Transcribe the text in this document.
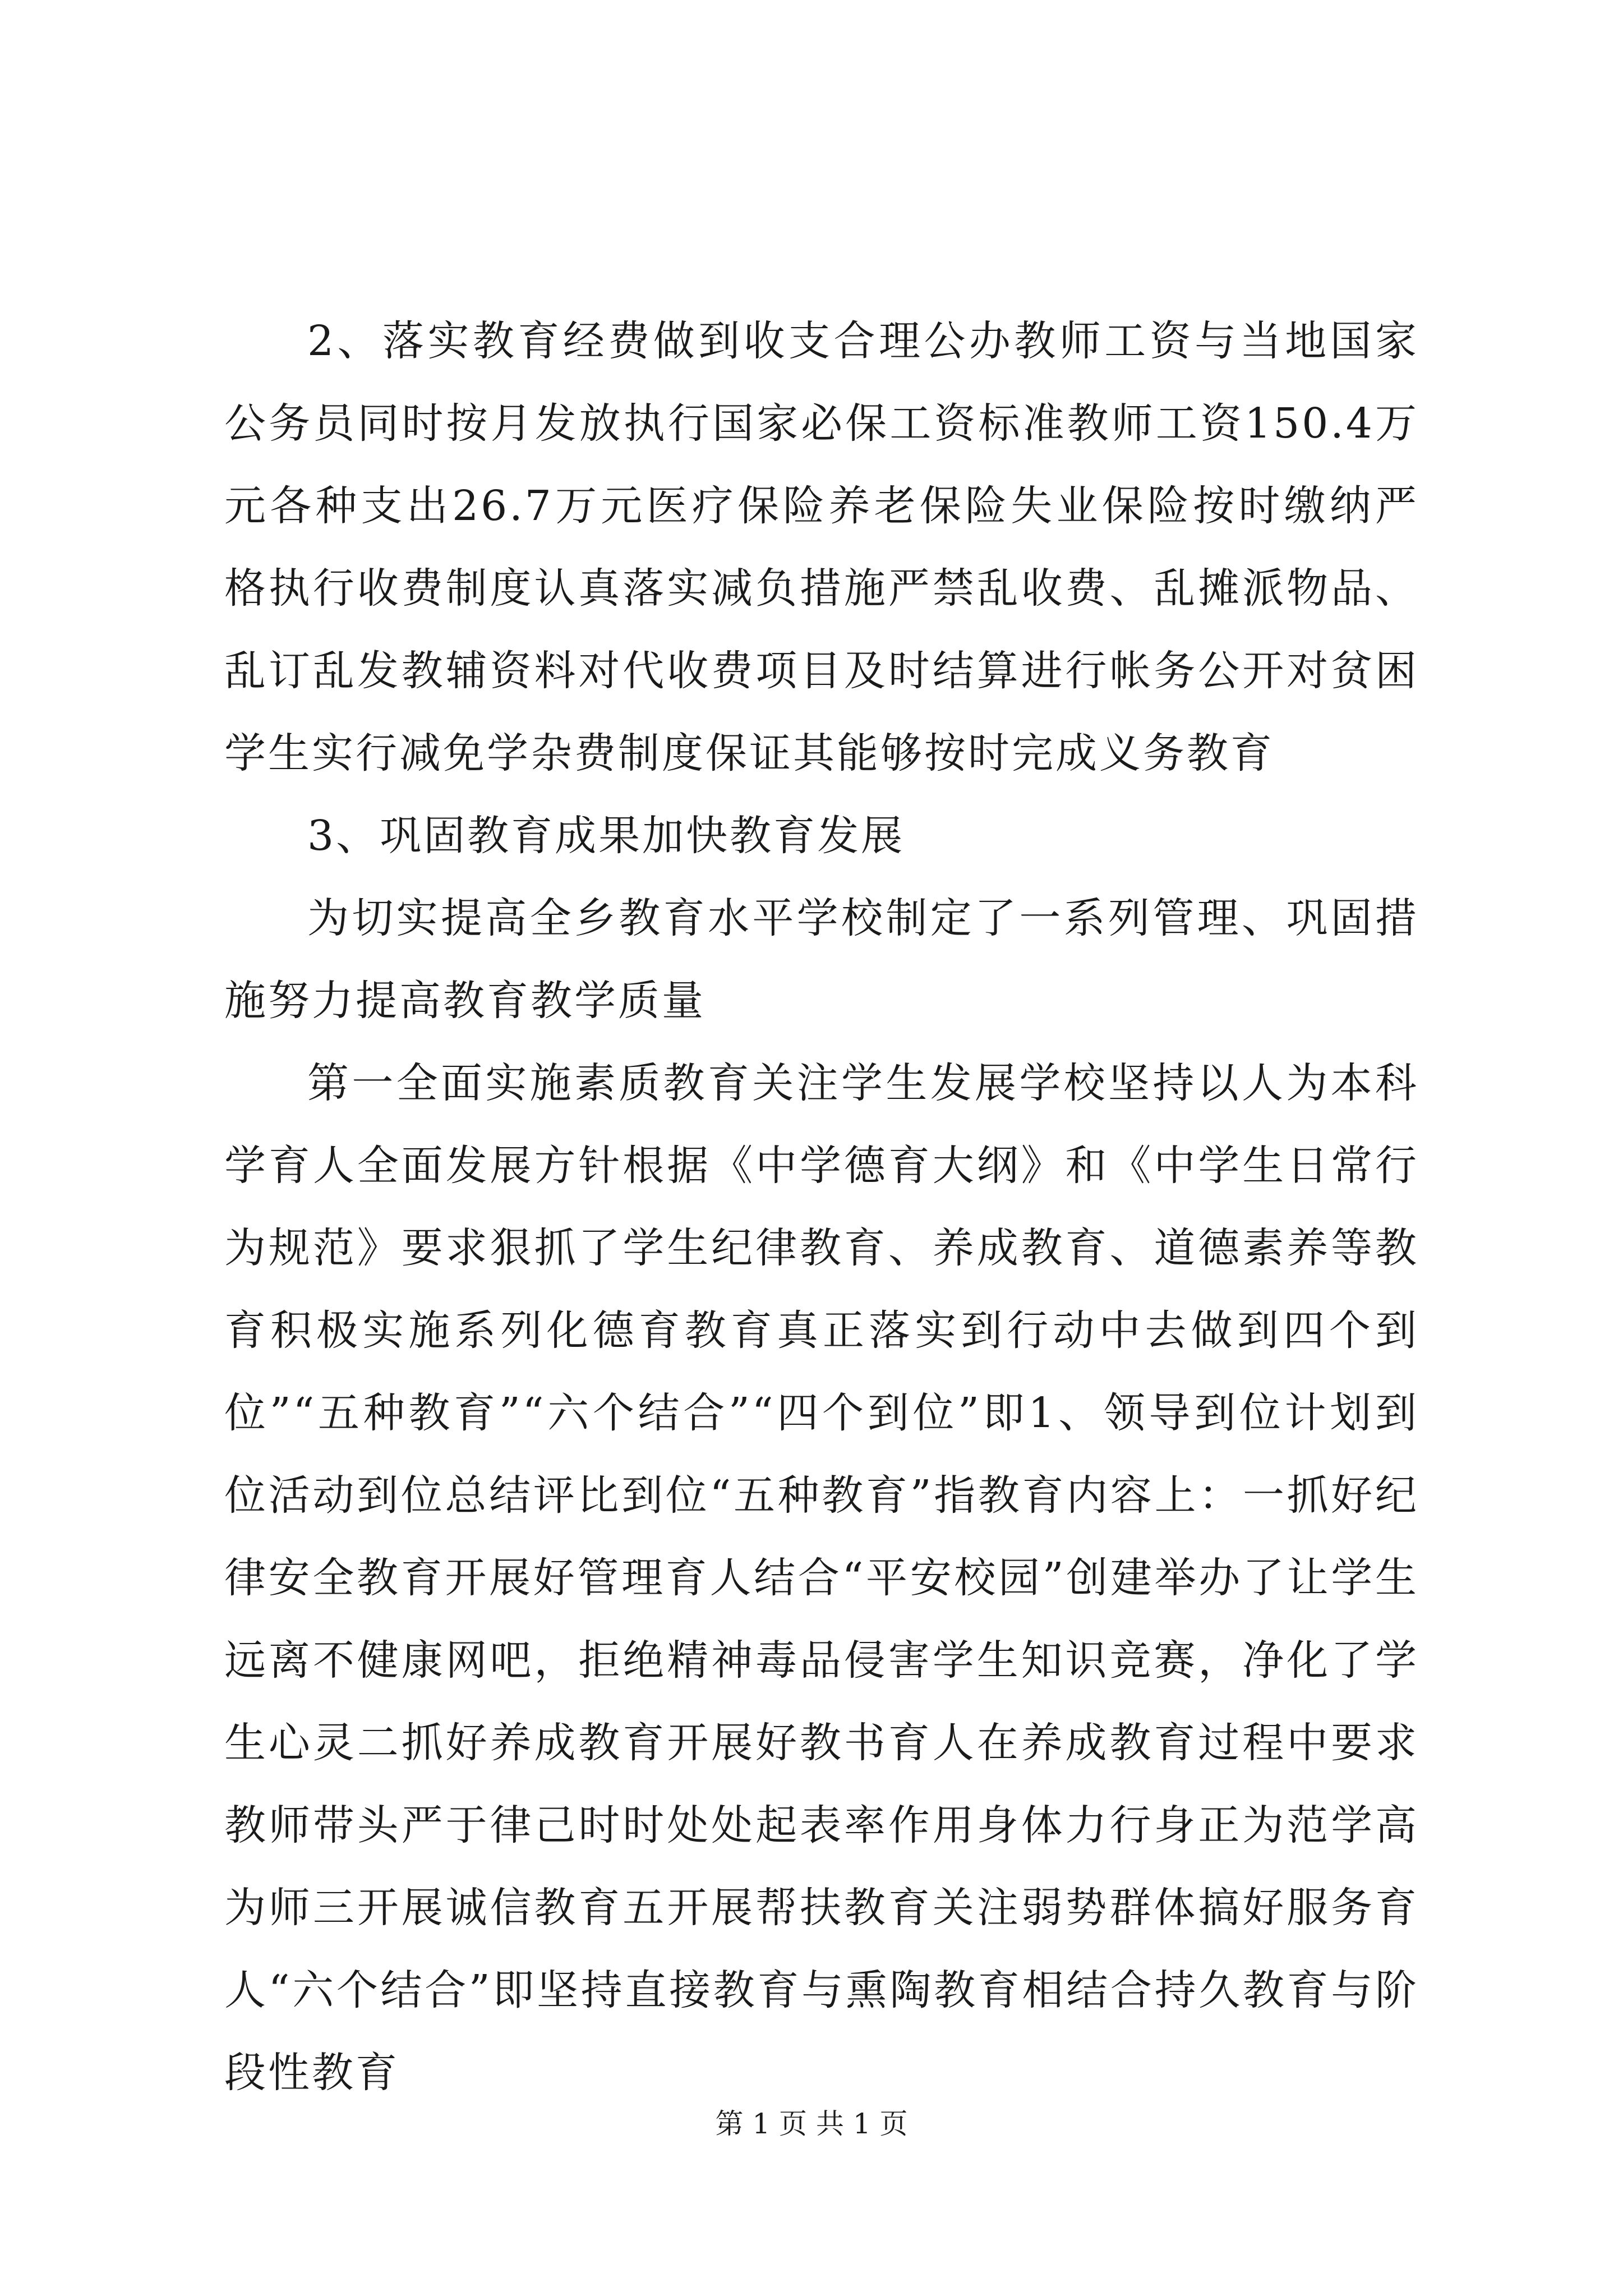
2、落实教育经费做到收支合理公办教师工资与当地国家公务员同时按月发放执行国家必保工资标准教师工资150.4万元各种支出26.7万元医疗保险养老保险失业保险按时缴纳严格执行收费制度认真落实减负措施严禁乱收费、乱摊派物品、乱订乱发教辅资料对代收费项目及时结算进行帐务公开对贫困学生实行减免学杂费制度保证其能够按时完成义务教育

3、巩固教育成果加快教育发展

为切实提高全乡教育水平学校制定了一系列管理、巩固措施努力提高教育教学质量

第一全面实施素质教育关注学生发展学校坚持以人为本科学育人全面发展方针根据《中学德育大纲》和《中学生日常行为规范》要求狠抓了学生纪律教育、养成教育、道德素养等教育积极实施系列化德育教育真正落实到行动中去做到四个到位”“五种教育”“六个结合”“四个到位”即1、领导到位计划到位活动到位总结评比到位“五种教育”指教育内容上：一抓好纪律安全教育开展好管理育人结合“平安校园”创建举办了让学生远离不健康网吧，拒绝精神毒品侵害学生知识竞赛，净化了学生心灵二抓好养成教育开展好教书育人在养成教育过程中要求教师带头严于律己时时处处起表率作用身体力行身正为范学高为师三开展诚信教育五开展帮扶教育关注弱势群体搞好服务育人“六个结合”即坚持直接教育与熏陶教育相结合持久教育与阶段性教育

第 1 页 共 1 页
